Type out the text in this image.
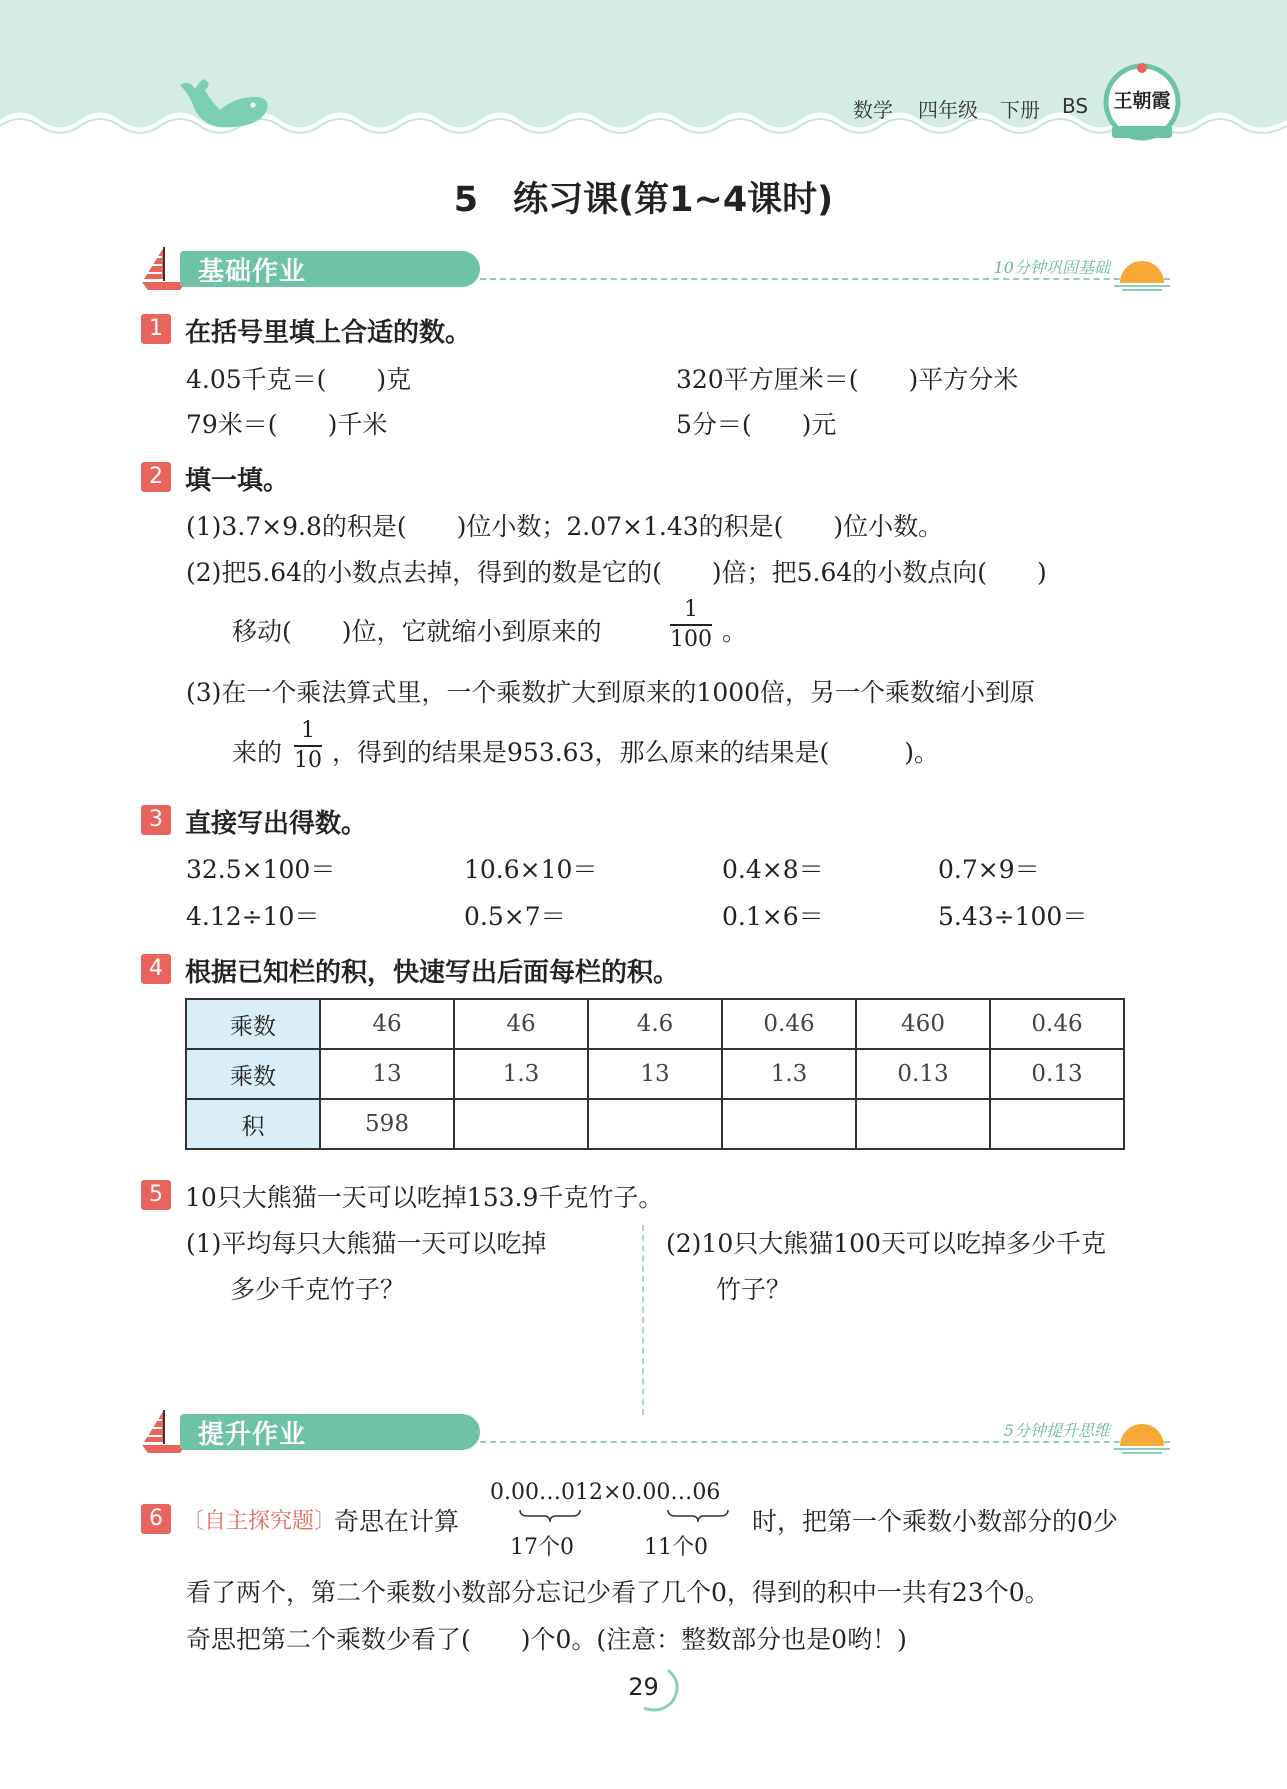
数学 四年级 下册 BS 王朝霞
5　练习课(第1~4课时)
基础作业	10分钟巩固基础
1 在括号里填上合适的数。
4.05千克＝(　　)克	320平方厘米＝(　　)平方分米
79米＝(　　)千米	5分＝(　　)元
2 填一填。
(1)3.7×9.8的积是(　　)位小数；2.07×1.43的积是(　　)位小数。
(2)把5.64的小数点去掉，得到的数是它的(　　)倍；把5.64的小数点向(　　)
移动(　　)位，它就缩小到原来的	$\frac{1}{100}$ 。
(3)在一个乘法算式里，一个乘数扩大到原来的1000倍，另一个乘数缩小到原
来的 $\frac{1}{10}$ ，得到的结果是953.63，那么原来的结果是(　　　)。
3 直接写出得数。
32.5×100＝	10.6×10＝	0.4×8＝	0.7×9＝
4.12÷10＝	0.5×7＝	0.1×6＝	5.43÷100＝
4 根据已知栏的积，快速写出后面每栏的积。
乘数	46	46	4.6	0.46	460	0.46
乘数	13	1.3	13	1.3	0.13	0.13
积	598					
5 10只大熊猫一天可以吃掉153.9千克竹子。
(1)平均每只大熊猫一天可以吃掉
多少千克竹子？
(2)10只大熊猫100天可以吃掉多少千克
竹子？
提升作业	5分钟提升思维
6 〔自主探究题〕
奇思在计算
0.00…012×0.00…06
17个0	11个0
时，把第一个乘数小数部分的0少
看了两个，第二个乘数小数部分忘记少看了几个0，得到的积中一共有23个0。
奇思把第二个乘数少看了(　　)个0。(注意：整数部分也是0哟！)
29
